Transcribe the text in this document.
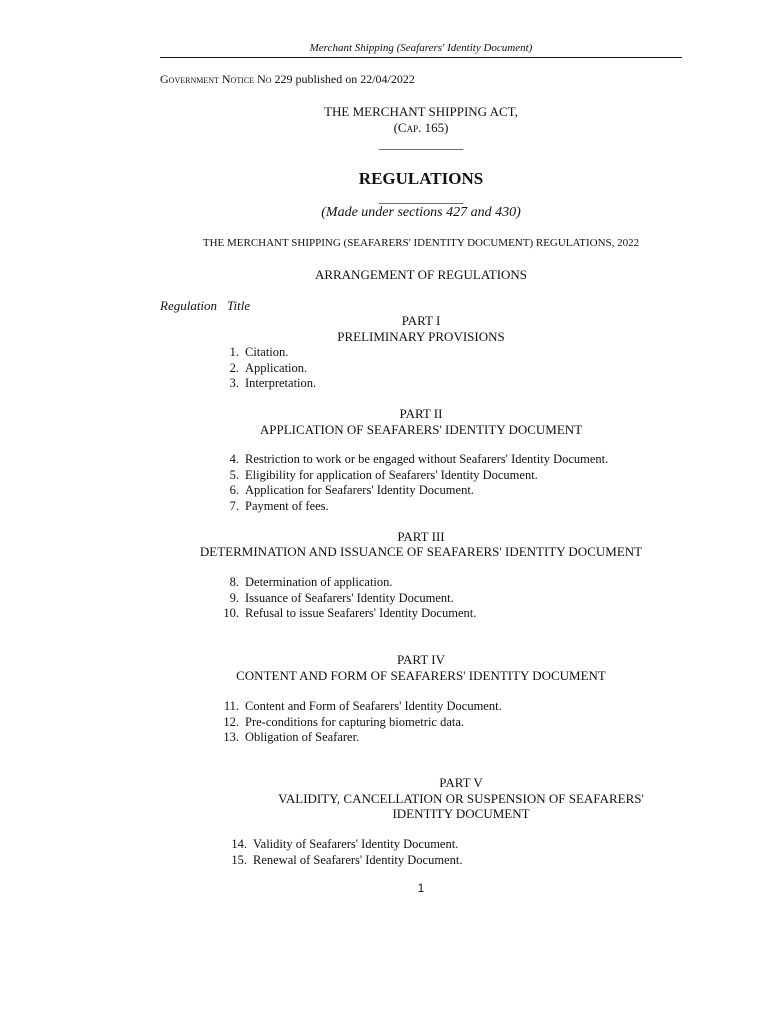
Merchant Shipping (Seafarers' Identity Document)
Government Notice No 229 published on 22/04/2022
THE MERCHANT SHIPPING ACT,
(Cap. 165)
_____________
REGULATIONS
_____________
(Made under sections 427 and 430)
THE MERCHANT SHIPPING (SEAFARERS' IDENTITY DOCUMENT) REGULATIONS, 2022
ARRANGEMENT OF REGULATIONS
Regulation Title
PART I
PRELIMINARY PROVISIONS
1. Citation.
2. Application.
3. Interpretation.
PART II
APPLICATION OF SEAFARERS' IDENTITY DOCUMENT
4. Restriction to work or be engaged without Seafarers' Identity Document.
5. Eligibility for application of Seafarers' Identity Document.
6. Application for Seafarers' Identity Document.
7. Payment of fees.
PART III
DETERMINATION AND ISSUANCE OF SEAFARERS' IDENTITY DOCUMENT
8. Determination of application.
9. Issuance of Seafarers' Identity Document.
10. Refusal to issue Seafarers' Identity Document.
PART IV
CONTENT AND FORM OF SEAFARERS' IDENTITY DOCUMENT
11. Content and Form of Seafarers' Identity Document.
12. Pre-conditions for capturing biometric data.
13. Obligation of Seafarer.
PART V
VALIDITY, CANCELLATION OR SUSPENSION OF SEAFARERS'
IDENTITY DOCUMENT
14. Validity of Seafarers' Identity Document.
15. Renewal of Seafarers' Identity Document.
1
